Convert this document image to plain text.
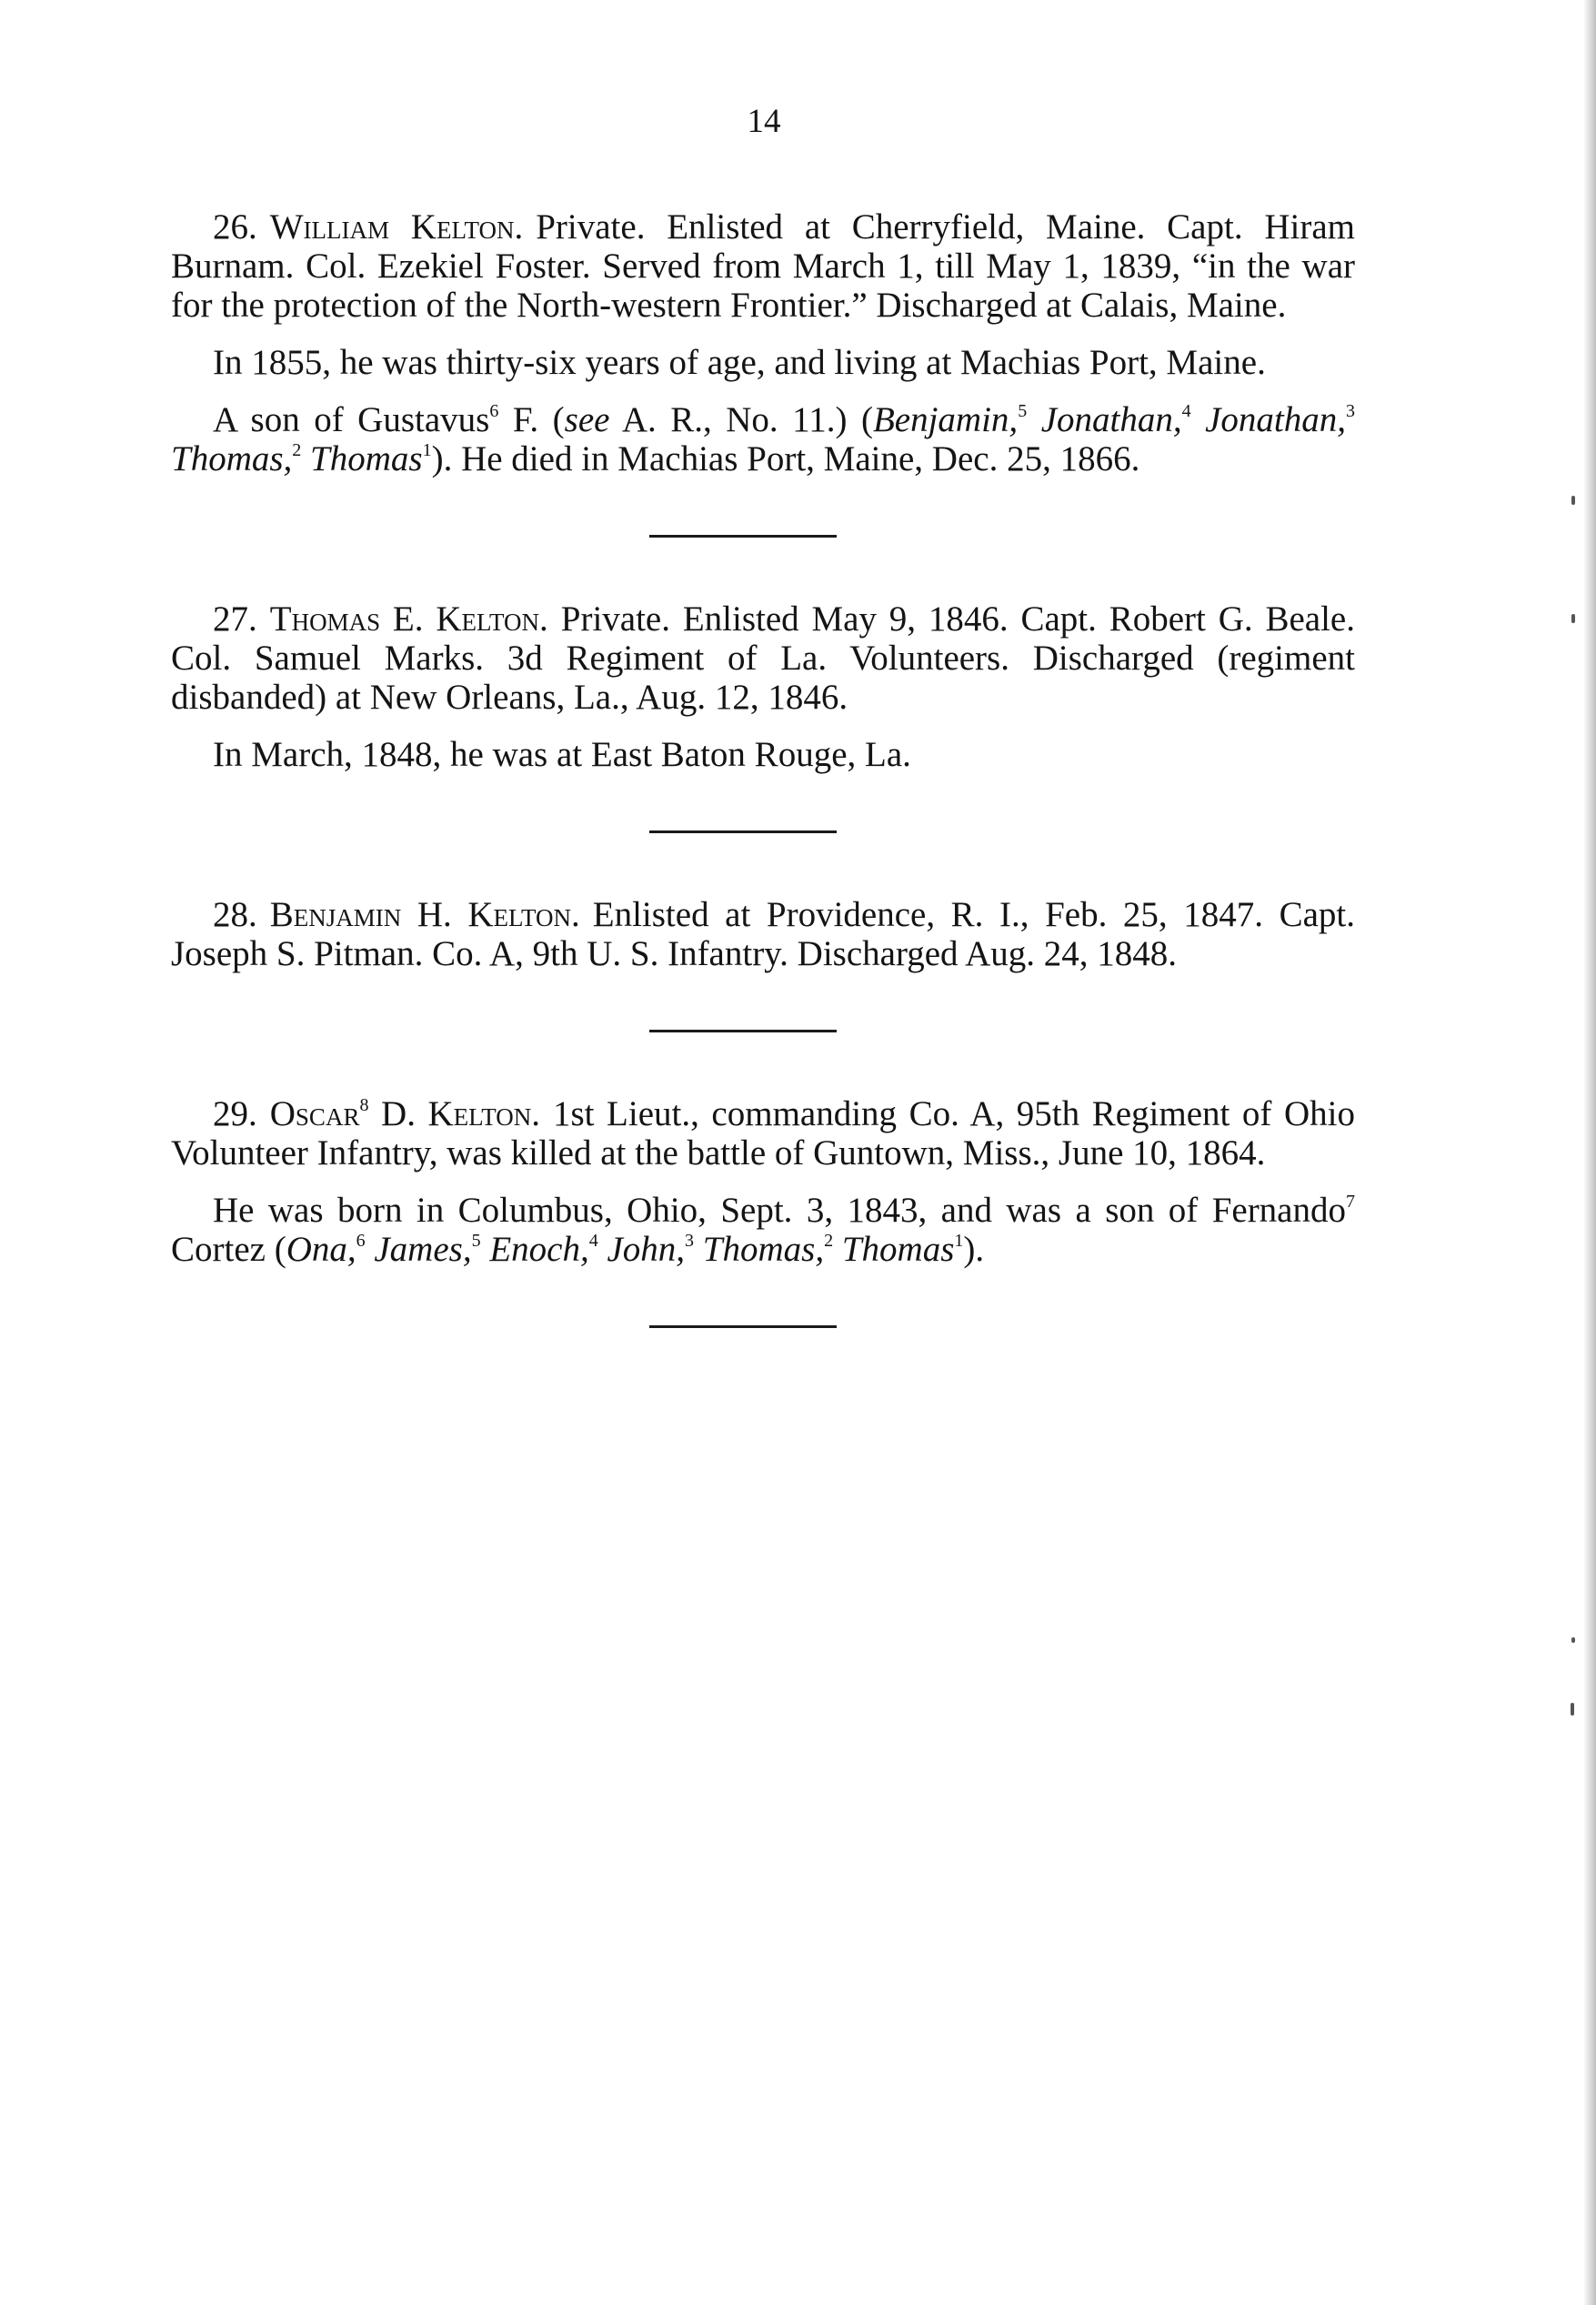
14

26. William Kelton. Private. Enlisted at Cherryfield, Maine. Capt. Hiram Burnam. Col. Ezekiel Foster. Served from March 1, till May 1, 1839, “in the war for the protection of the North-western Frontier.” Discharged at Calais, Maine.

In 1855, he was thirty-six years of age, and living at Machias Port, Maine.

A son of Gustavus$^6$ F. (see A. R., No. 11.) (Benjamin,$^5$ Jonathan,$^4$ Jonathan,$^3$ Thomas,$^2$ Thomas$^1$). He died in Machias Port, Maine, Dec. 25, 1866.

27. Thomas E. Kelton. Private. Enlisted May 9, 1846. Capt. Robert G. Beale. Col. Samuel Marks. 3d Regiment of La. Volunteers. Discharged (regiment disbanded) at New Orleans, La., Aug. 12, 1846.

In March, 1848, he was at East Baton Rouge, La.

28. Benjamin H. Kelton. Enlisted at Providence, R. I., Feb. 25, 1847. Capt. Joseph S. Pitman. Co. A, 9th U. S. Infantry. Discharged Aug. 24, 1848.

29. Oscar$^8$ D. Kelton. 1st Lieut., commanding Co. A, 95th Regiment of Ohio Volunteer Infantry, was killed at the battle of Guntown, Miss., June 10, 1864.

He was born in Columbus, Ohio, Sept. 3, 1843, and was a son of Fernando$^7$ Cortez (Ona,$^6$ James,$^5$ Enoch,$^4$ John,$^3$ Thomas,$^2$ Thomas$^1$).
